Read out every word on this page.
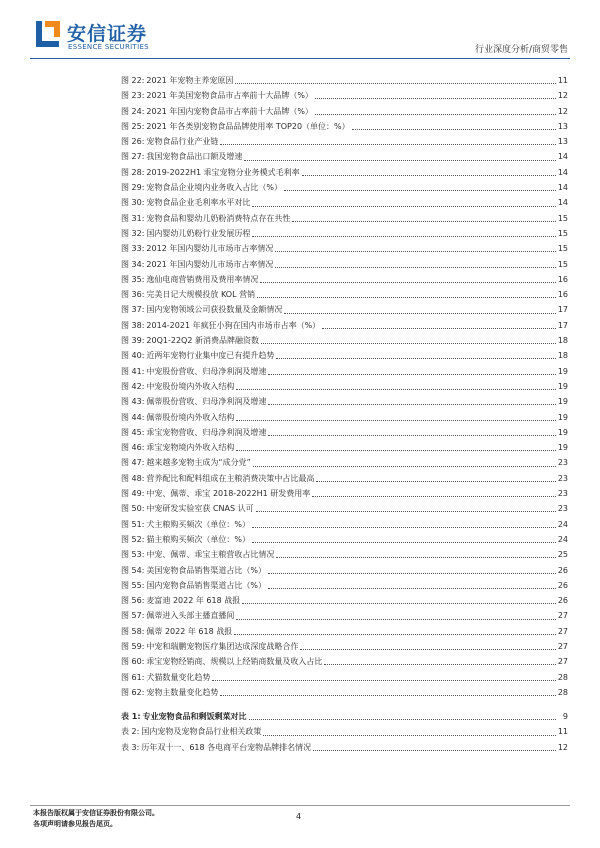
安信证券
ESSENCE SECURITIES	行业深度分析/商贸零售
图 22: 2021 年宠物主养宠原因	11
图 23: 2021 年美国宠物食品市占率前十大品牌（%）	12
图 24: 2021 年国内宠物食品市占率前十大品牌（%）	12
图 25: 2021 年各类别宠物食品品牌使用率 TOP20（单位：%）	13
图 26: 宠物食品行业产业链	13
图 27: 我国宠物食品出口额及增速	14
图 28: 2019-2022H1 乖宝宠物分业务模式毛利率	14
图 29: 宠物食品企业境内业务收入占比（%）	14
图 30: 宠物食品企业毛利率水平对比	14
图 31: 宠物食品和婴幼儿奶粉消费特点存在共性	15
图 32: 国内婴幼儿奶粉行业发展历程	15
图 33: 2012 年国内婴幼儿市场市占率情况	15
图 34: 2021 年国内婴幼儿市场市占率情况	15
图 35: 逸仙电商营销费用及费用率情况	16
图 36: 完美日记大规模投放 KOL 营销	16
图 37: 国内宠物领域公司获投数量及金额情况	17
图 38: 2014-2021 年疯狂小狗在国内市场市占率（%）	17
图 39: 20Q1-22Q2 新消费品牌融资数	18
图 40: 近两年宠物行业集中度已有提升趋势	18
图 41: 中宠股份营收、归母净利润及增速	19
图 42: 中宠股份境内外收入结构	19
图 43: 佩蒂股份营收、归母净利润及增速	19
图 44: 佩蒂股份境内外收入结构	19
图 45: 乖宝宠物营收、归母净利润及增速	19
图 46: 乖宝宠物境内外收入结构	19
图 47: 越来越多宠物主成为“成分党”	23
图 48: 营养配比和配料组成在主粮消费决策中占比最高	23
图 49: 中宠、佩蒂、乖宝 2018-2022H1 研发费用率	23
图 50: 中宠研发实验室获 CNAS 认可	23
图 51: 犬主粮购买频次（单位：%）	24
图 52: 猫主粮购买频次（单位：%）	24
图 53: 中宠、佩蒂、乖宝主粮营收占比情况	25
图 54: 美国宠物食品销售渠道占比（%）	26
图 55: 国内宠物食品销售渠道占比（%）	26
图 56: 麦富迪 2022 年 618 战报	26
图 57: 佩蒂进入头部主播直播间	27
图 58: 佩蒂 2022 年 618 战报	27
图 59: 中宠和瑞鹏宠物医疗集团达成深度战略合作	27
图 60: 乖宝宠物经销商、规模以上经销商数量及收入占比	27
图 61: 犬猫数量变化趋势	28
图 62: 宠物主数量变化趋势	28
表 1: 专业宠物食品和剩饭剩菜对比	9
表 2: 国内宠物及宠物食品行业相关政策	11
表 3: 历年双十一、618 各电商平台宠物品牌排名情况	12
本报告版权属于安信证券股份有限公司。
各项声明请参见报告尾页。
4
